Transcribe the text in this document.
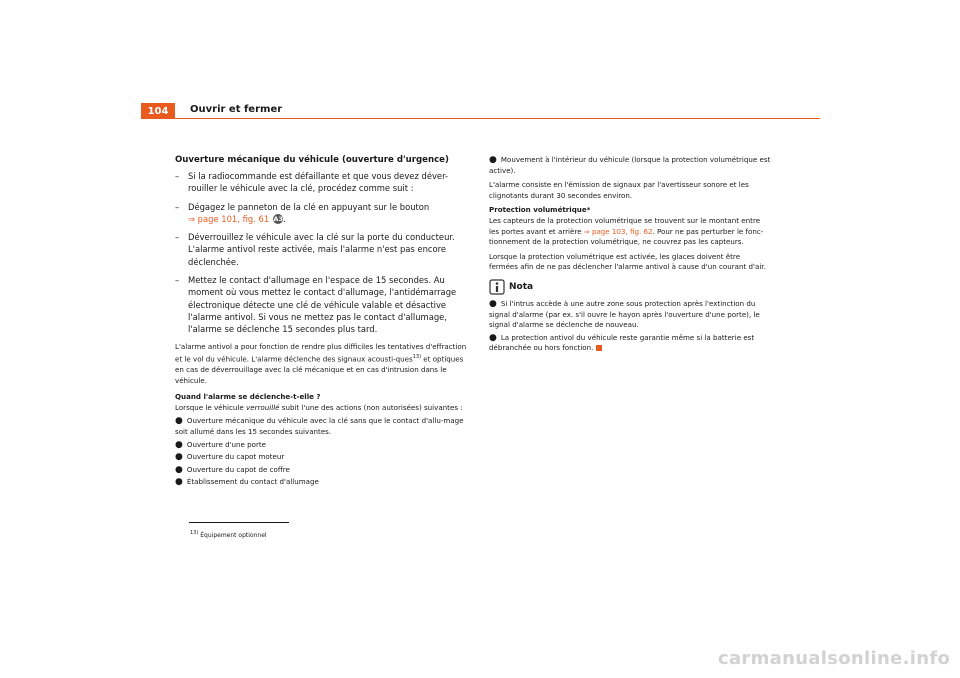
104 Ouvrir et fermer

Ouverture mécanique du véhicule (ouverture d'urgence)

– Si la radiocommande est défaillante et que vous devez déver-rouiller le véhicule avec la clé, procédez comme suit :
– Dégagez le panneton de la clé en appuyant sur le bouton
⇒ page 101, fig. 61 A3.
– Déverrouillez le véhicule avec la clé sur la porte du conducteur. L'alarme antivol reste activée, mais l'alarme n'est pas encore déclenchée.
– Mettez le contact d'allumage en l'espace de 15 secondes. Au moment où vous mettez le contact d'allumage, l'antidémarrage électronique détecte une clé de véhicule valable et désactive l'alarme antivol. Si vous ne mettez pas le contact d'allumage, l'alarme se déclenche 15 secondes plus tard.

L'alarme antivol a pour fonction de rendre plus difficiles les tentatives d'effraction et le vol du véhicule. L'alarme déclenche des signaux acousti-ques$^{13)}$ et optiques en cas de déverrouillage avec la clé mécanique et en cas d'intrusion dans le véhicule.

Quand l'alarme se déclenche-t-elle ?

Lorsque le véhicule verrouillé subit l'une des actions (non autorisées) suivantes :

● Ouverture mécanique du véhicule avec la clé sans que le contact d'allu-mage soit allumé dans les 15 secondes suivantes.
● Ouverture d'une porte
● Ouverture du capot moteur
● Ouverture du capot de coffre
● Établissement du contact d'allumage
$^{13)}$ Équipement optionnel
● Mouvement à l'intérieur du véhicule (lorsque la protection volumétrique est active).

L'alarme consiste en l'émission de signaux par l'avertisseur sonore et les clignotants durant 30 secondes environ.

Protection volumétrique*

Les capteurs de la protection volumétrique se trouvent sur le montant entre les portes avant et arrière ⇒ page 103, fig. 62. Pour ne pas perturber le fonc-tionnement de la protection volumétrique, ne couvrez pas les capteurs.

Lorsque la protection volumétrique est activée, les glaces doivent être fermées afin de ne pas déclencher l'alarme antivol à cause d'un courant d'air.

Nota
● Si l'intrus accède à une autre zone sous protection après l'extinction du signal d'alarme (par ex. s'il ouvre le hayon après l'ouverture d'une porte), le signal d'alarme se déclenche de nouveau.
● La protection antivol du véhicule reste garantie même si la batterie est débranchée ou hors fonction.
carmanualsonline.info
